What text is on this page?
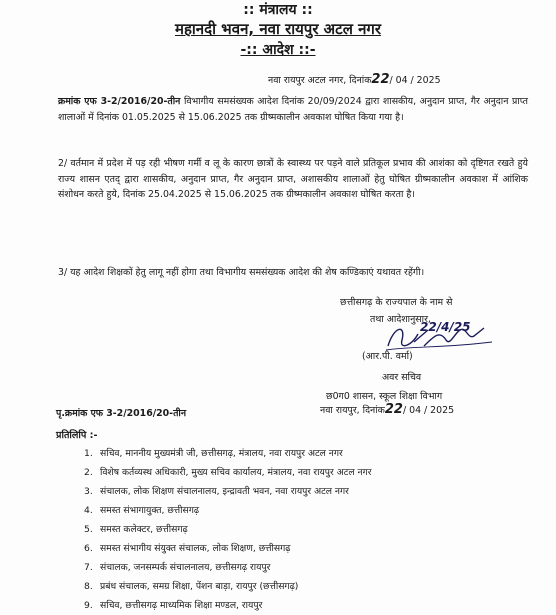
:: मंत्रालय ::
महानदी भवन, नवा रायपुर अटल नगर
-:: आदेश ::-
नवा रायपुर अटल नगर, दिनांक22/ 04 / 2025
क्रमांक एफ 3-2/2016/20-तीन विभागीय समसंख्यक आदेश दिनांक 20/09/2024 द्वारा शासकीय, अनुदान प्राप्त, गैर अनुदान प्राप्त शालाओं में दिनांक 01.05.2025 से 15.06.2025 तक ग्रीष्मकालीन अवकाश घोषित किया गया है।
2/ वर्तमान में प्रदेश में पड़ रही भीषण गर्मी व लू के कारण छात्रों के स्वास्थ्य पर पड़ने वाले प्रतिकूल प्रभाव की आशंका को दृष्टिगत रखते हुये राज्य शासन एतद् द्वारा शासकीय, अनुदान प्राप्त, गैर अनुदान प्राप्त, अशासकीय शालाओं हेतु घोषित ग्रीष्मकालीन अवकाश में आंशिक संशोधन करते हुये, दिनांक 25.04.2025 से 15.06.2025 तक ग्रीष्मकालीन अवकाश घोषित करता है।
3/ यह आदेश शिक्षकों हेतु लागू नहीं होगा तथा विभागीय समसंख्यक आदेश की शेष कण्डिकाएं यथावत रहेंगी।
छत्तीसगढ़ के राज्यपाल के नाम से
तथा आदेशानुसार,
22/4/25
(आर.पी. वर्मा)
अवर सचिव
छ0ग0 शासन, स्कूल शिक्षा विभाग
पृ.क्रमांक एफ 3-2/2016/20-तीन	नवा रायपुर, दिनांक22/ 04 / 2025
प्रतिलिपि :-
1. सचिव, माननीय मुख्यमंत्री जी, छत्तीसगढ़, मंत्रालय, नवा रायपुर अटल नगर
2. विशेष कर्तव्यस्थ अधिकारी, मुख्य सचिव कार्यालय, मंत्रालय, नवा रायपुर अटल नगर
3. संचालक, लोक शिक्षण संचालनालय, इन्द्रावती भवन, नवा रायपुर अटल नगर
4. समस्त संभागायुक्त, छत्तीसगढ़
5. समस्त कलेक्टर, छत्तीसगढ़
6. समस्त संभागीय संयुक्त संचालक, लोक शिक्षण, छत्तीसगढ़
7. संचालक, जनसम्पर्क संचालनालय, छत्तीसगढ़ रायपुर
8. प्रबंध संचालक, समग्र शिक्षा, पेंशन बाड़ा, रायपुर (छत्तीसगढ़)
9. सचिव, छत्तीसगढ़ माध्यमिक शिक्षा मण्डल, रायपुर
